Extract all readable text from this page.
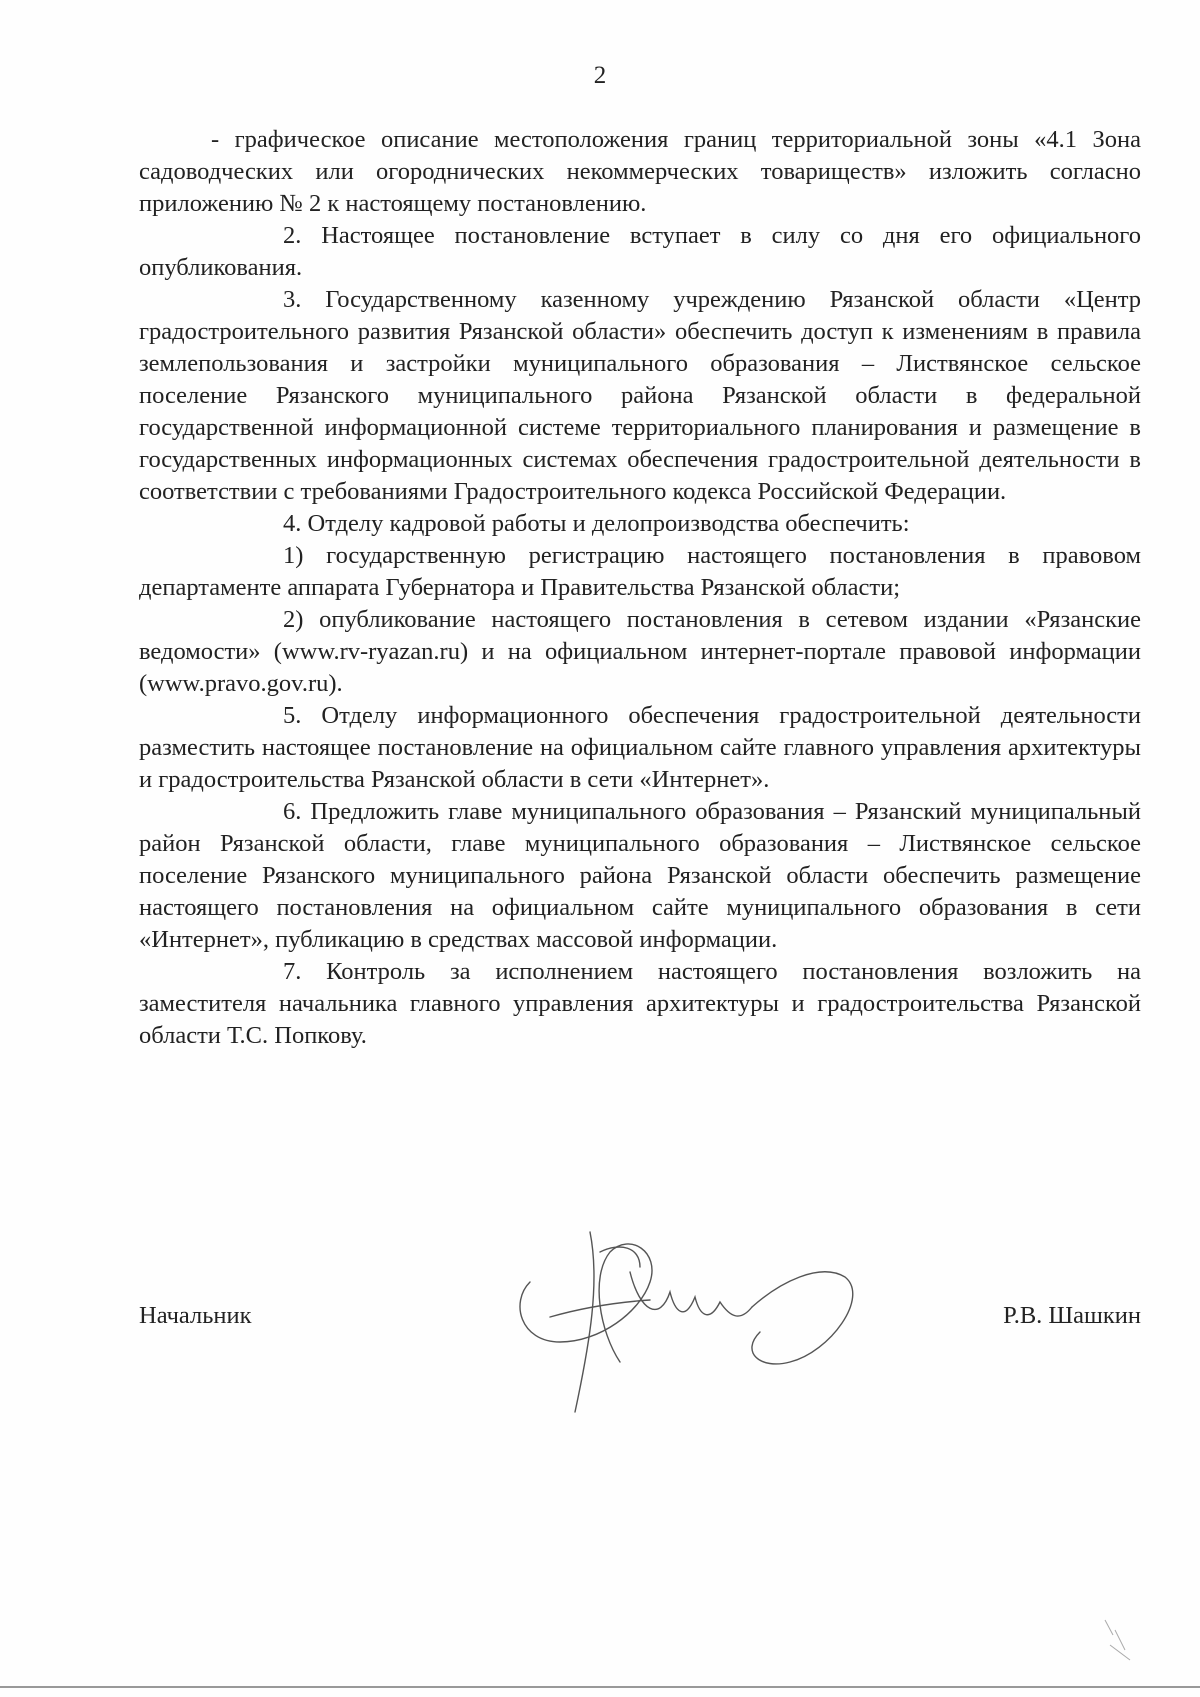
2

- графическое описание местоположения границ территориальной зоны «4.1 Зона садоводческих или огороднических некоммерческих товариществ» изложить согласно приложению № 2 к настоящему постановлению.

2. Настоящее постановление вступает в силу со дня его официального опубликования.

3. Государственному казенному учреждению Рязанской области «Центр градостроительного развития Рязанской области» обеспечить доступ к изменениям в правила землепользования и застройки муниципального образования – Листвянское сельское поселение Рязанского муниципального района Рязанской области в федеральной государственной информационной системе территориального планирования и размещение в государственных информационных системах обеспечения градостроительной деятельности в соответствии с требованиями Градостроительного кодекса Российской Федерации.

4. Отделу кадровой работы и делопроизводства обеспечить:

1) государственную регистрацию настоящего постановления в правовом департаменте аппарата Губернатора и Правительства Рязанской области;

2) опубликование настоящего постановления в сетевом издании «Рязанские ведомости» (www.rv-ryazan.ru) и на официальном интернет-портале правовой информации (www.pravo.gov.ru).

5. Отделу информационного обеспечения градостроительной деятельности разместить настоящее постановление на официальном сайте главного управления архитектуры и градостроительства Рязанской области в сети «Интернет».

6. Предложить главе муниципального образования – Рязанский муниципальный район Рязанской области, главе муниципального образования – Листвянское сельское поселение Рязанского муниципального района Рязанской области обеспечить размещение настоящего постановления на официальном сайте муниципального образования в сети «Интернет», публикацию в средствах массовой информации.

7. Контроль за исполнением настоящего постановления возложить на заместителя начальника главного управления архитектуры и градостроительства Рязанской области Т.С. Попкову.

Начальник	Р.В. Шашкин
